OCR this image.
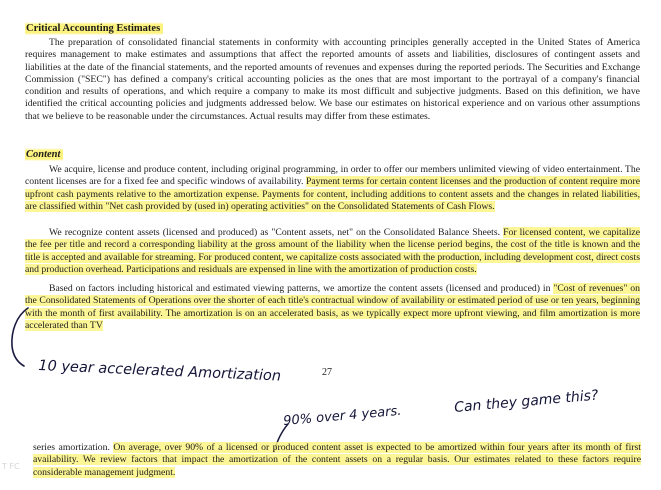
Critical Accounting Estimates

The preparation of consolidated financial statements in conformity with accounting principles generally accepted in the United States of America requires management to make estimates and assumptions that affect the reported amounts of assets and liabilities, disclosures of contingent assets and liabilities at the date of the financial statements, and the reported amounts of revenues and expenses during the reported periods. The Securities and Exchange Commission ("SEC") has defined a company's critical accounting policies as the ones that are most important to the portrayal of a company's financial condition and results of operations, and which require a company to make its most difficult and subjective judgments. Based on this definition, we have identified the critical accounting policies and judgments addressed below. We base our estimates on historical experience and on various other assumptions that we believe to be reasonable under the circumstances. Actual results may differ from these estimates.

Content

We acquire, license and produce content, including original programming, in order to offer our members unlimited viewing of video entertainment. The content licenses are for a fixed fee and specific windows of availability. Payment terms for certain content licenses and the production of content require more upfront cash payments relative to the amortization expense. Payments for content, including additions to content assets and the changes in related liabilities, are classified within "Net cash provided by (used in) operating activities" on the Consolidated Statements of Cash Flows.

We recognize content assets (licensed and produced) as "Content assets, net" on the Consolidated Balance Sheets. For licensed content, we capitalize the fee per title and record a corresponding liability at the gross amount of the liability when the license period begins, the cost of the title is known and the title is accepted and available for streaming. For produced content, we capitalize costs associated with the production, including development cost, direct costs and production overhead. Participations and residuals are expensed in line with the amortization of production costs.

Based on factors including historical and estimated viewing patterns, we amortize the content assets (licensed and produced) in "Cost of revenues" on the Consolidated Statements of Operations over the shorter of each title's contractual window of availability or estimated period of use or ten years, beginning with the month of first availability. The amortization is on an accelerated basis, as we typically expect more upfront viewing, and film amortization is more accelerated than TV

10 year accelerated Amortization	27
90% over 4 years.
Can they game this?
T FC

series amortization. On average, over 90% of a licensed or produced content asset is expected to be amortized within four years after its month of first availability. We review factors that impact the amortization of the content assets on a regular basis. Our estimates related to these factors require considerable management judgment.
